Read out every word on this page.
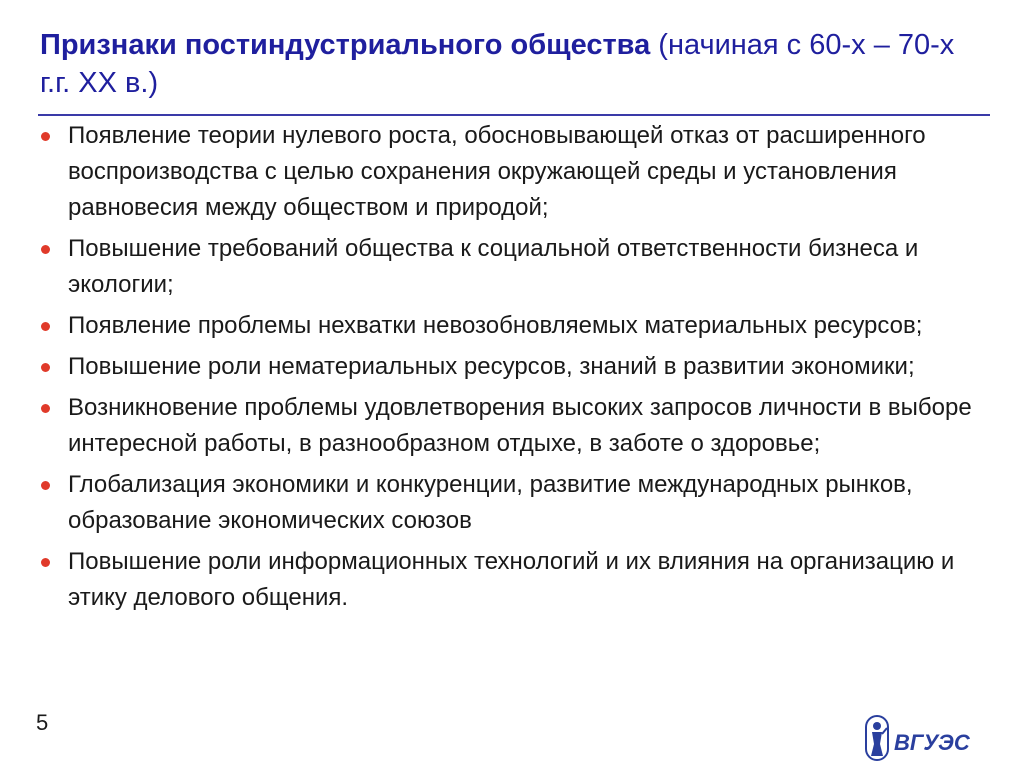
Признаки постиндустриального общества (начиная с 60-х – 70-х г.г. XX в.)
Появление теории нулевого роста, обосновывающей отказ от расширенного воспроизводства с целью сохранения окружающей среды и установления равновесия между обществом и природой;
Повышение требований общества к социальной ответственности бизнеса и экологии;
Появление проблемы нехватки невозобновляемых материальных ресурсов;
Повышение роли нематериальных ресурсов, знаний в развитии экономики;
Возникновение проблемы удовлетворения высоких запросов личности в выборе интересной работы, в разнообразном отдыхе, в заботе о здоровье;
Глобализация экономики и конкуренции, развитие международных рынков, образование экономических союзов
Повышение роли информационных технологий и их влияния на организацию и этику делового общения.
5
ВГУЭС
